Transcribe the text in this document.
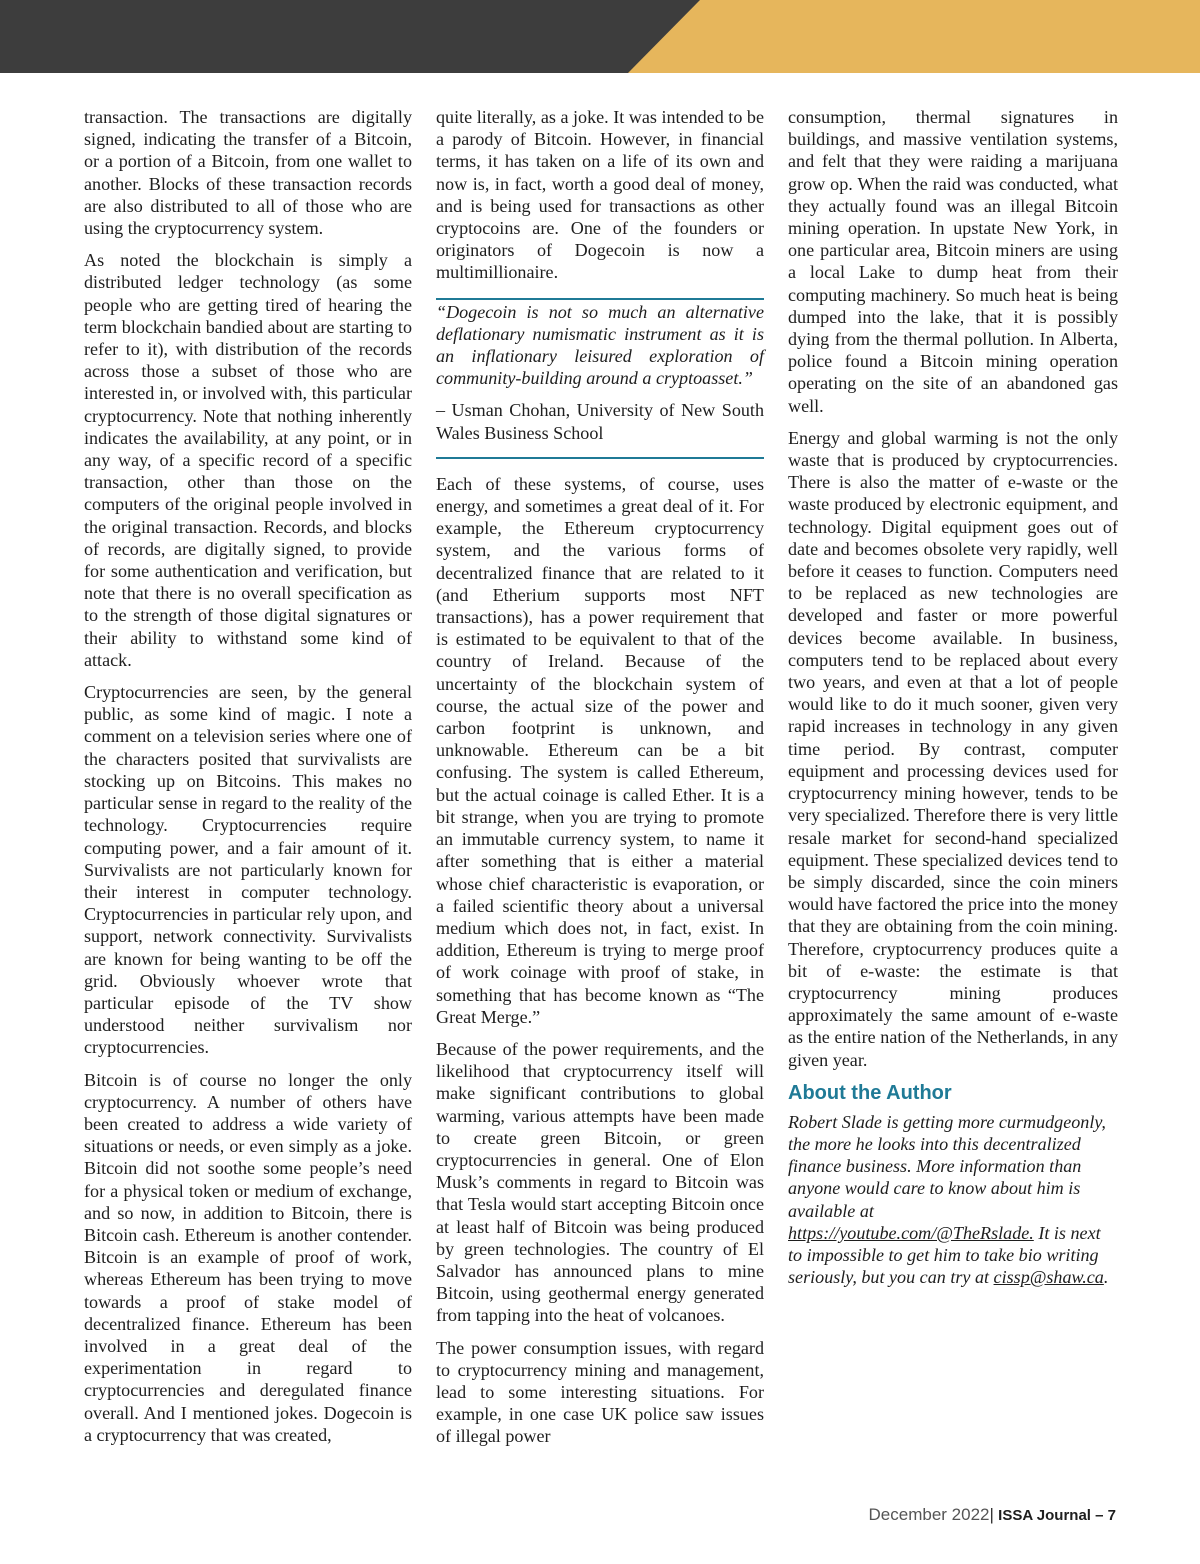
transaction. The transactions are digitally signed, indicating the transfer of a Bitcoin, or a portion of a Bitcoin, from one wallet to another. Blocks of these transaction records are also distributed to all of those who are using the cryptocurrency system.

As noted the blockchain is simply a distributed ledger technology (as some people who are getting tired of hearing the term blockchain bandied about are starting to refer to it), with distribution of the records across those a subset of those who are interested in, or involved with, this particular cryptocurrency. Note that nothing inherently indicates the availability, at any point, or in any way, of a specific record of a specific transaction, other than those on the computers of the original people involved in the original transaction. Records, and blocks of records, are digitally signed, to provide for some authentication and verification, but note that there is no overall specification as to the strength of those digital signatures or their ability to withstand some kind of attack.

Cryptocurrencies are seen, by the general public, as some kind of magic. I note a comment on a television series where one of the characters posited that survivalists are stocking up on Bitcoins. This makes no particular sense in regard to the reality of the technology. Cryptocurrencies require computing power, and a fair amount of it. Survivalists are not particularly known for their interest in computer technology. Cryptocurrencies in particular rely upon, and support, network connectivity. Survivalists are known for being wanting to be off the grid. Obviously whoever wrote that particular episode of the TV show understood neither survivalism nor cryptocurrencies.

Bitcoin is of course no longer the only cryptocurrency. A number of others have been created to address a wide variety of situations or needs, or even simply as a joke. Bitcoin did not soothe some people’s need for a physical token or medium of exchange, and so now, in addition to Bitcoin, there is Bitcoin cash. Ethereum is another contender. Bitcoin is an example of proof of work, whereas Ethereum has been trying to move towards a proof of stake model of decentralized finance. Ethereum has been involved in a great deal of the experimentation in regard to cryptocurrencies and deregulated finance overall. And I mentioned jokes. Dogecoin is a cryptocurrency that was created,

quite literally, as a joke. It was intended to be a parody of Bitcoin. However, in financial terms, it has taken on a life of its own and now is, in fact, worth a good deal of money, and is being used for transactions as other cryptocoins are. One of the founders or originators of Dogecoin is now a multimillionaire.

“Dogecoin is not so much an alternative deflationary numismatic instrument as it is an inflationary leisured exploration of community-building around a cryptoasset.”

– Usman Chohan, University of New South Wales Business School

Each of these systems, of course, uses energy, and sometimes a great deal of it. For example, the Ethereum cryptocurrency system, and the various forms of decentralized finance that are related to it (and Etherium supports most NFT transactions), has a power requirement that is estimated to be equivalent to that of the country of Ireland. Because of the uncertainty of the blockchain system of course, the actual size of the power and carbon footprint is unknown, and unknowable. Ethereum can be a bit confusing. The system is called Ethereum, but the actual coinage is called Ether. It is a bit strange, when you are trying to promote an immutable currency system, to name it after something that is either a material whose chief characteristic is evaporation, or a failed scientific theory about a universal medium which does not, in fact, exist. In addition, Ethereum is trying to merge proof of work coinage with proof of stake, in something that has become known as “The Great Merge.”

Because of the power requirements, and the likelihood that cryptocurrency itself will make significant contributions to global warming, various attempts have been made to create green Bitcoin, or green cryptocurrencies in general. One of Elon Musk’s comments in regard to Bitcoin was that Tesla would start accepting Bitcoin once at least half of Bitcoin was being produced by green technologies. The country of El Salvador has announced plans to mine Bitcoin, using geothermal energy generated from tapping into the heat of volcanoes.

The power consumption issues, with regard to cryptocurrency mining and management, lead to some interesting situations. For example, in one case UK police saw issues of illegal power

consumption, thermal signatures in buildings, and massive ventilation systems, and felt that they were raiding a marijuana grow op. When the raid was conducted, what they actually found was an illegal Bitcoin mining operation. In upstate New York, in one particular area, Bitcoin miners are using a local Lake to dump heat from their computing machinery. So much heat is being dumped into the lake, that it is possibly dying from the thermal pollution. In Alberta, police found a Bitcoin mining operation operating on the site of an abandoned gas well.

Energy and global warming is not the only waste that is produced by cryptocurrencies. There is also the matter of e-waste or the waste produced by electronic equipment, and technology. Digital equipment goes out of date and becomes obsolete very rapidly, well before it ceases to function. Computers need to be replaced as new technologies are developed and faster or more powerful devices become available. In business, computers tend to be replaced about every two years, and even at that a lot of people would like to do it much sooner, given very rapid increases in technology in any given time period. By contrast, computer equipment and processing devices used for cryptocurrency mining however, tends to be very specialized. Therefore there is very little resale market for second-hand specialized equipment. These specialized devices tend to be simply discarded, since the coin miners would have factored the price into the money that they are obtaining from the coin mining. Therefore, cryptocurrency produces quite a bit of e-waste: the estimate is that cryptocurrency mining produces approximately the same amount of e-waste as the entire nation of the Netherlands, in any given year.

About the Author

Robert Slade is getting more curmudgeonly, the more he looks into this decentralized finance business. More information than anyone would care to know about him is available at https://youtube.com/@TheRslade. It is next to impossible to get him to take bio writing seriously, but you can try at cissp@shaw.ca.

December 2022| ISSA Journal – 7
